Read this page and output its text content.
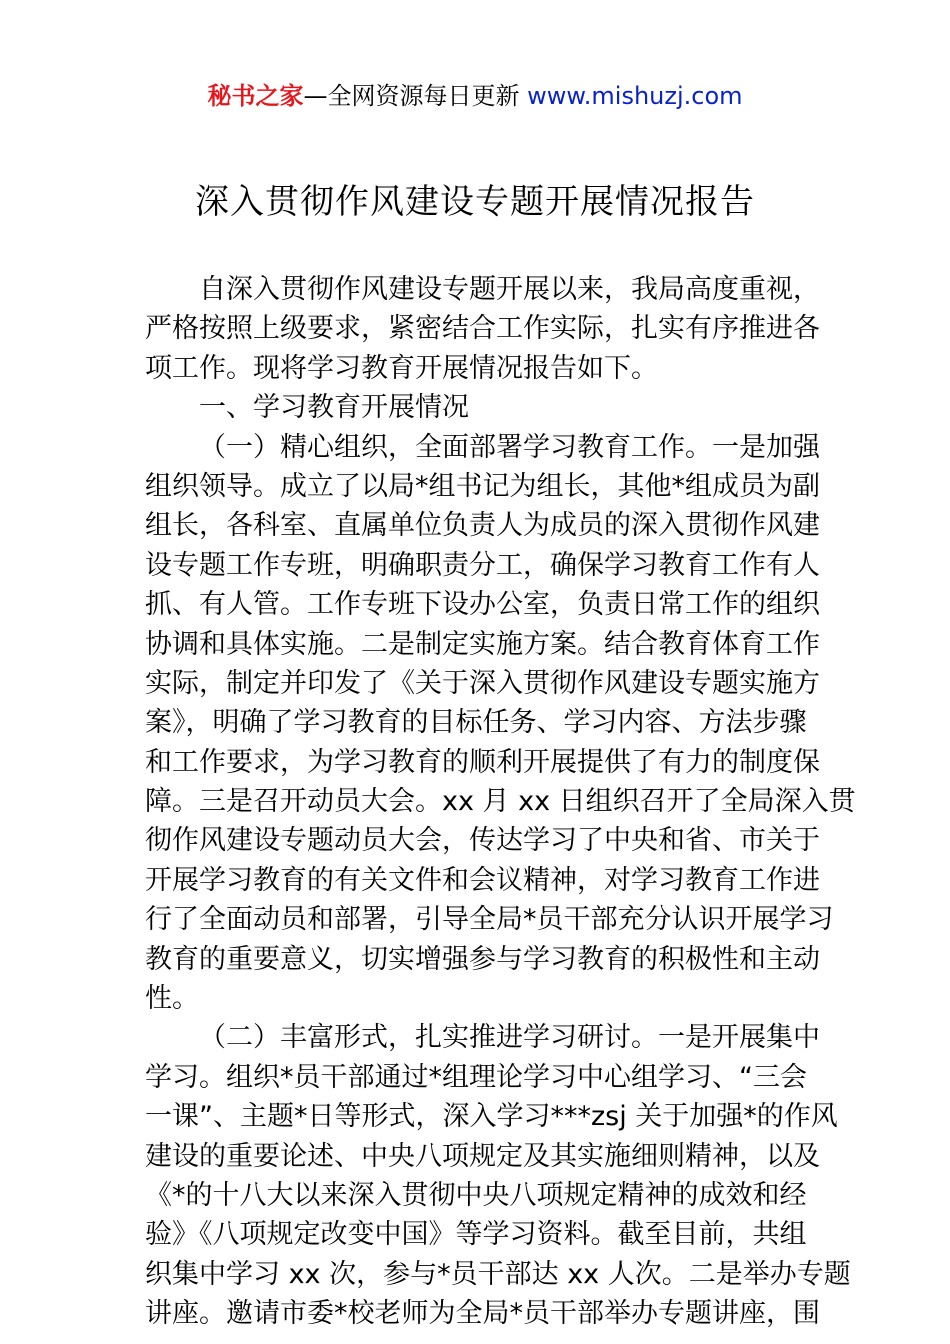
秘书之家—全网资源每日更新 www.mishuzj.com
深入贯彻作风建设专题开展情况报告
自深入贯彻作风建设专题开展以来，我局高度重视，
严格按照上级要求，紧密结合工作实际，扎实有序推进各
项工作。现将学习教育开展情况报告如下。
一、学习教育开展情况
（一）精心组织，全面部署学习教育工作。一是加强
组织领导。成立了以局*组书记为组长，其他*组成员为副
组长，各科室、直属单位负责人为成员的深入贯彻作风建
设专题工作专班，明确职责分工，确保学习教育工作有人
抓、有人管。工作专班下设办公室，负责日常工作的组织
协调和具体实施。二是制定实施方案。结合教育体育工作
实际，制定并印发了《关于深入贯彻作风建设专题实施方
案》，明确了学习教育的目标任务、学习内容、方法步骤
和工作要求，为学习教育的顺利开展提供了有力的制度保
障。三是召开动员大会。xx 月 xx 日组织召开了全局深入贯
彻作风建设专题动员大会，传达学习了中央和省、市关于
开展学习教育的有关文件和会议精神，对学习教育工作进
行了全面动员和部署，引导全局*员干部充分认识开展学习
教育的重要意义，切实增强参与学习教育的积极性和主动
性。
（二）丰富形式，扎实推进学习研讨。一是开展集中
学习。组织*员干部通过*组理论学习中心组学习、“三会
一课”、主题*日等形式，深入学习***zsj 关于加强*的作风
建设的重要论述、中央八项规定及其实施细则精神，以及
《*的十八大以来深入贯彻中央八项规定精神的成效和经
验》《八项规定改变中国》等学习资料。截至目前，共组
织集中学习 xx 次，参与*员干部达 xx 人次。二是举办专题
讲座。邀请市委*校老师为全局*员干部举办专题讲座，围
